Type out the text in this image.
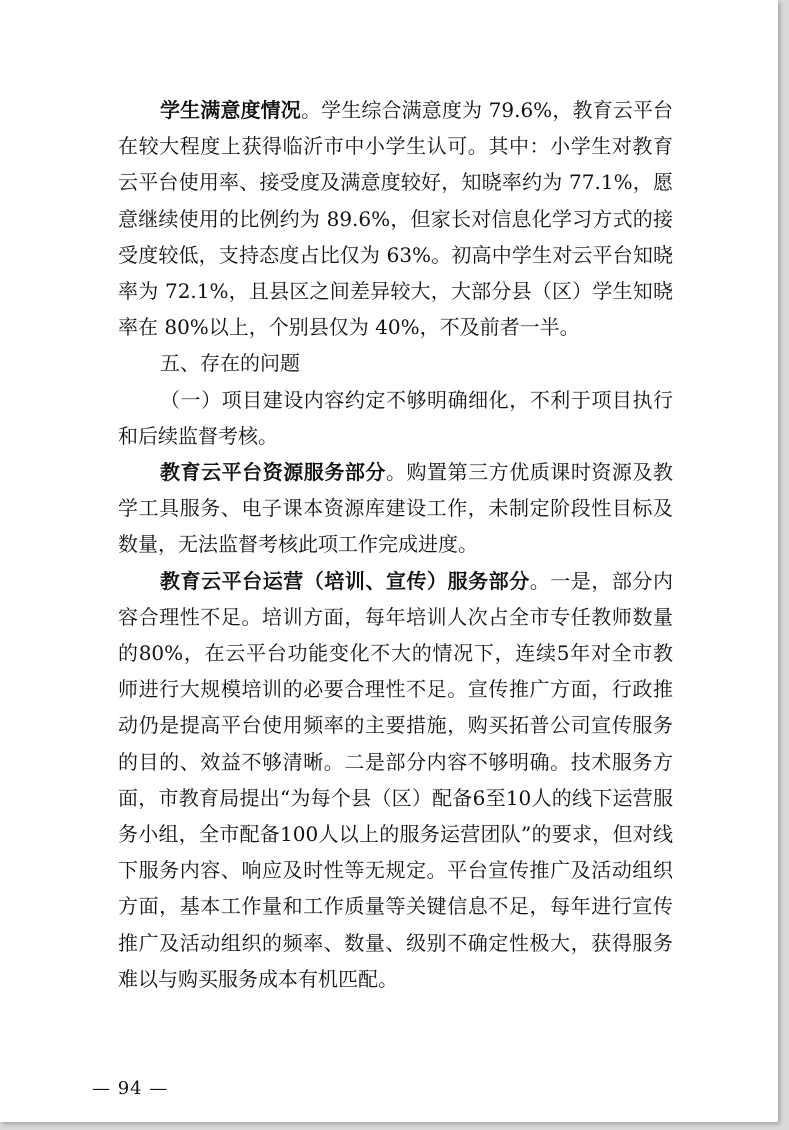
学生满意度情况。学生综合满意度为 79.6%，教育云平台在较大程度上获得临沂市中小学生认可。其中：小学生对教育云平台使用率、接受度及满意度较好，知晓率约为 77.1%，愿意继续使用的比例约为 89.6%，但家长对信息化学习方式的接受度较低，支持态度占比仅为 63%。初高中学生对云平台知晓率为 72.1%，且县区之间差异较大，大部分县（区）学生知晓率在 80%以上，个别县仅为 40%，不及前者一半。

五、存在的问题

（一）项目建设内容约定不够明确细化，不利于项目执行和后续监督考核。

教育云平台资源服务部分。购置第三方优质课时资源及教学工具服务、电子课本资源库建设工作，未制定阶段性目标及数量，无法监督考核此项工作完成进度。

教育云平台运营（培训、宣传）服务部分。一是，部分内容合理性不足。培训方面，每年培训人次占全市专任教师数量的80%，在云平台功能变化不大的情况下，连续5年对全市教师进行大规模培训的必要合理性不足。宣传推广方面，行政推动仍是提高平台使用频率的主要措施，购买拓普公司宣传服务的目的、效益不够清晰。二是部分内容不够明确。技术服务方面，市教育局提出“为每个县（区）配备6至10人的线下运营服务小组，全市配备100人以上的服务运营团队”的要求，但对线下服务内容、响应及时性等无规定。平台宣传推广及活动组织方面，基本工作量和工作质量等关键信息不足，每年进行宣传推广及活动组织的频率、数量、级别不确定性极大，获得服务难以与购买服务成本有机匹配。

— 94 —
